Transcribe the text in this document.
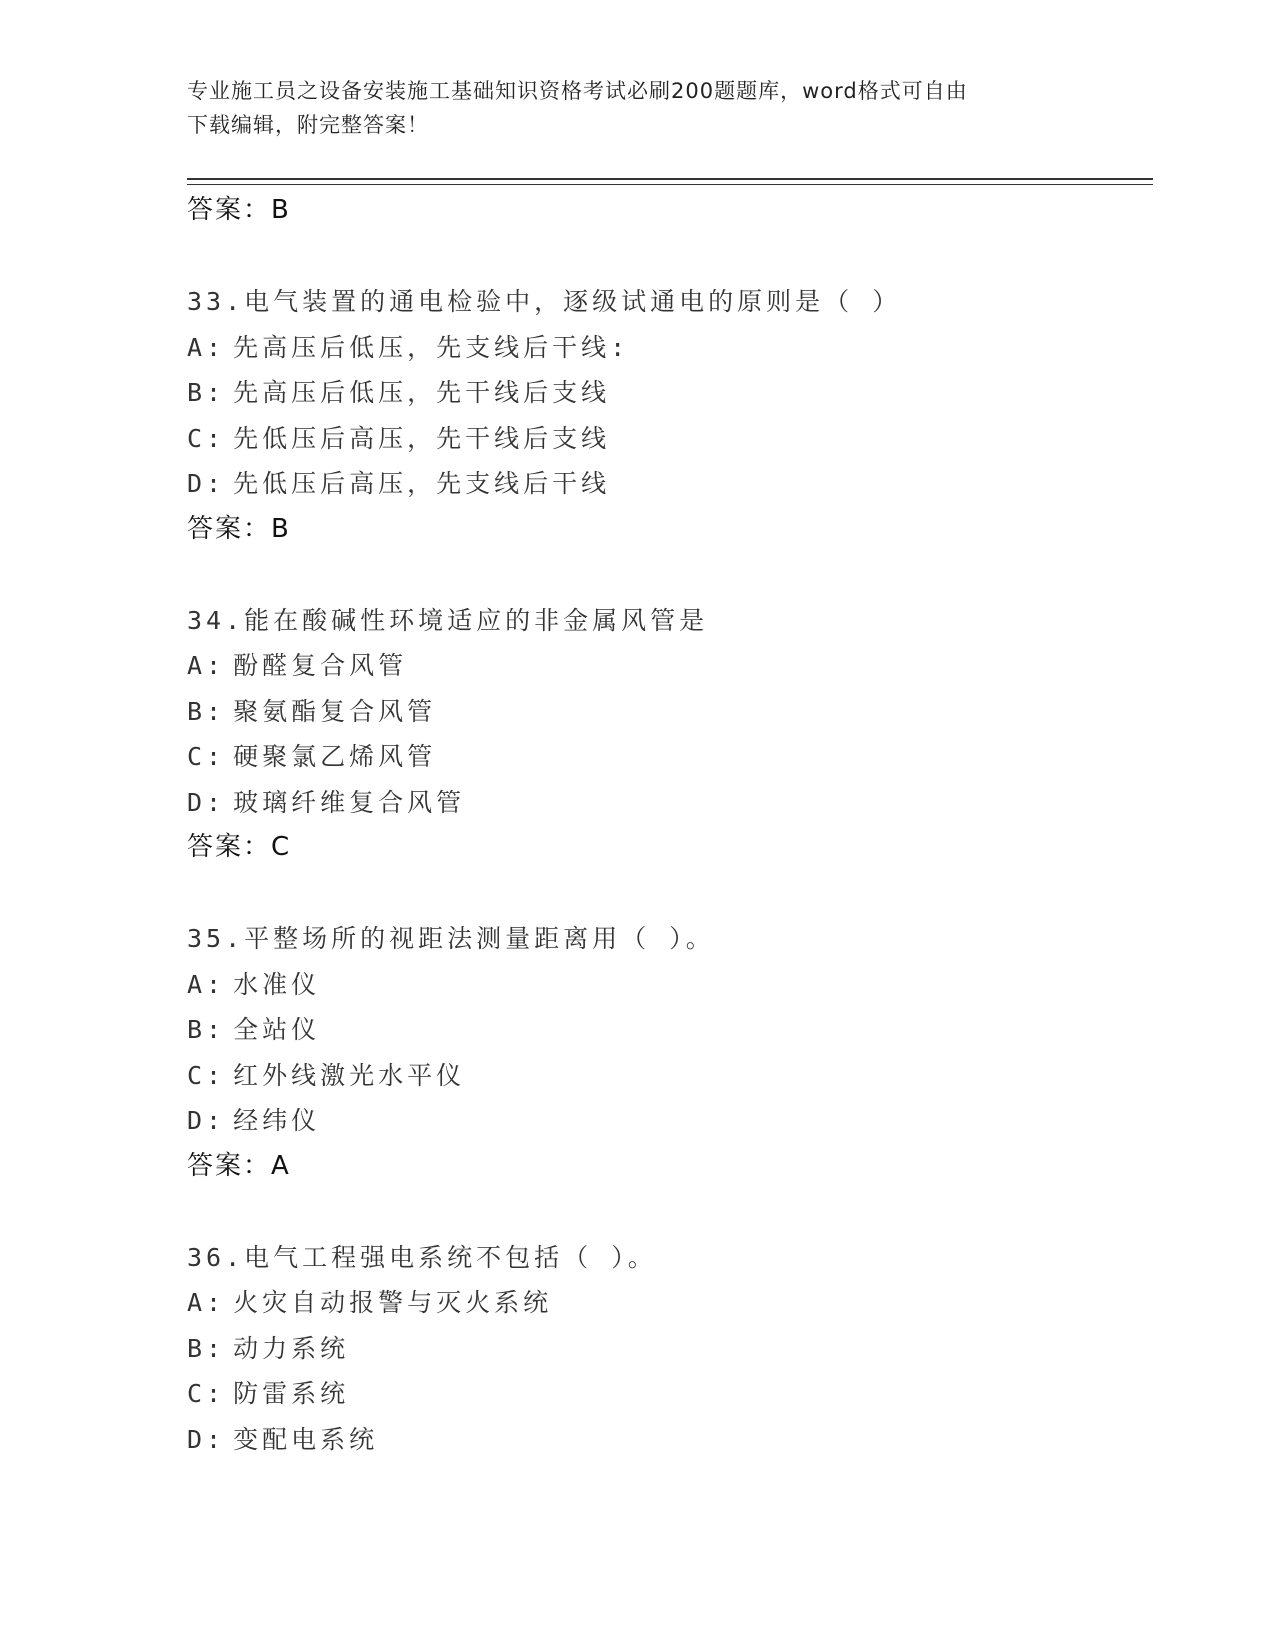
专业施工员之设备安装施工基础知识资格考试必刷200题题库，word格式可自由
下载编辑，附完整答案！
答案：B
33.电气装置的通电检验中，逐级试通电的原则是（ ）
A: 先高压后低压，先支线后干线:
B: 先高压后低压，先干线后支线
C: 先低压后高压，先干线后支线
D: 先低压后高压，先支线后干线
答案：B
34.能在酸碱性环境适应的非金属风管是
A: 酚醛复合风管
B: 聚氨酯复合风管
C: 硬聚氯乙烯风管
D: 玻璃纤维复合风管
答案：C
35.平整场所的视距法测量距离用（ ）。
A: 水准仪
B: 全站仪
C: 红外线激光水平仪
D: 经纬仪
答案：A
36.电气工程强电系统不包括（ ）。
A: 火灾自动报警与灭火系统
B: 动力系统
C: 防雷系统
D: 变配电系统
